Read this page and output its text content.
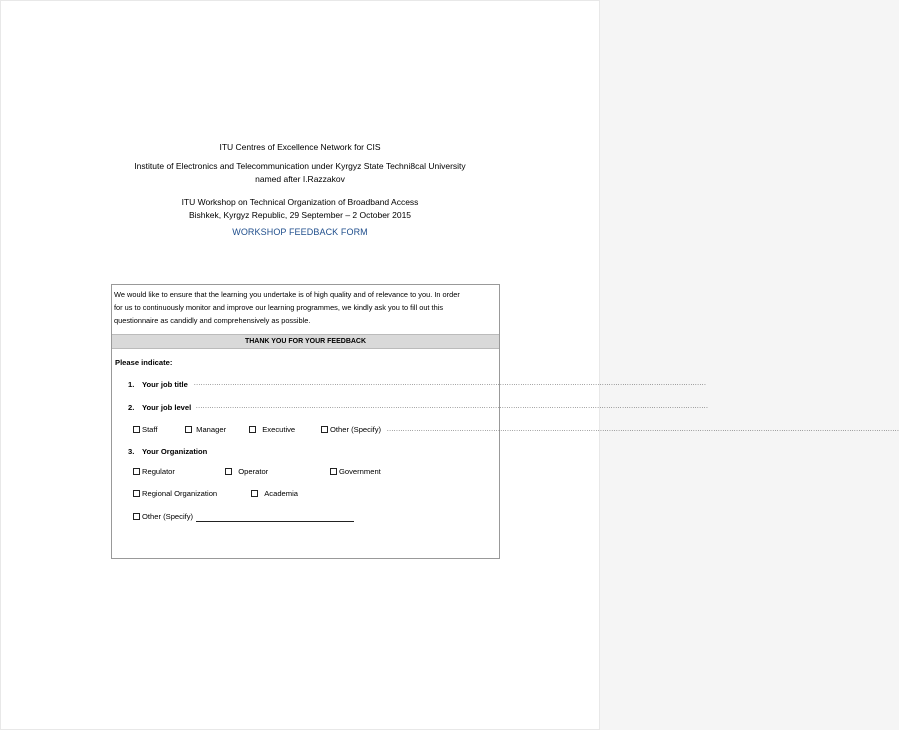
ITU Centres of Excellence Network for CIS
Institute of Electronics and Telecommunication under Kyrgyz State Techni8cal University
named after I.Razzakov
ITU Workshop on Technical Organization of Broadband Access
Bishkek, Kyrgyz Republic, 29 September – 2 October 2015
WORKSHOP FEEDBACK FORM
We would like to ensure that the learning you undertake is of high quality and of relevance to you. In order
for us to continuously monitor and improve our learning programmes, we kindly ask you to fill out this
questionnaire as candidly and comprehensively as possible.
THANK YOU FOR YOUR FEEDBACK
Please indicate:
1. Your job title ..................................................................................................................................................................................................................................
2. Your job level ..................................................................................................................................................................................................................................
Staff	Manager	Executive	Other (Specify) ..................................................................................................................................................................................................................................
3. Your Organization
Regulator	Operator	Government
Regional Organization	Academia
Other (Specify)
